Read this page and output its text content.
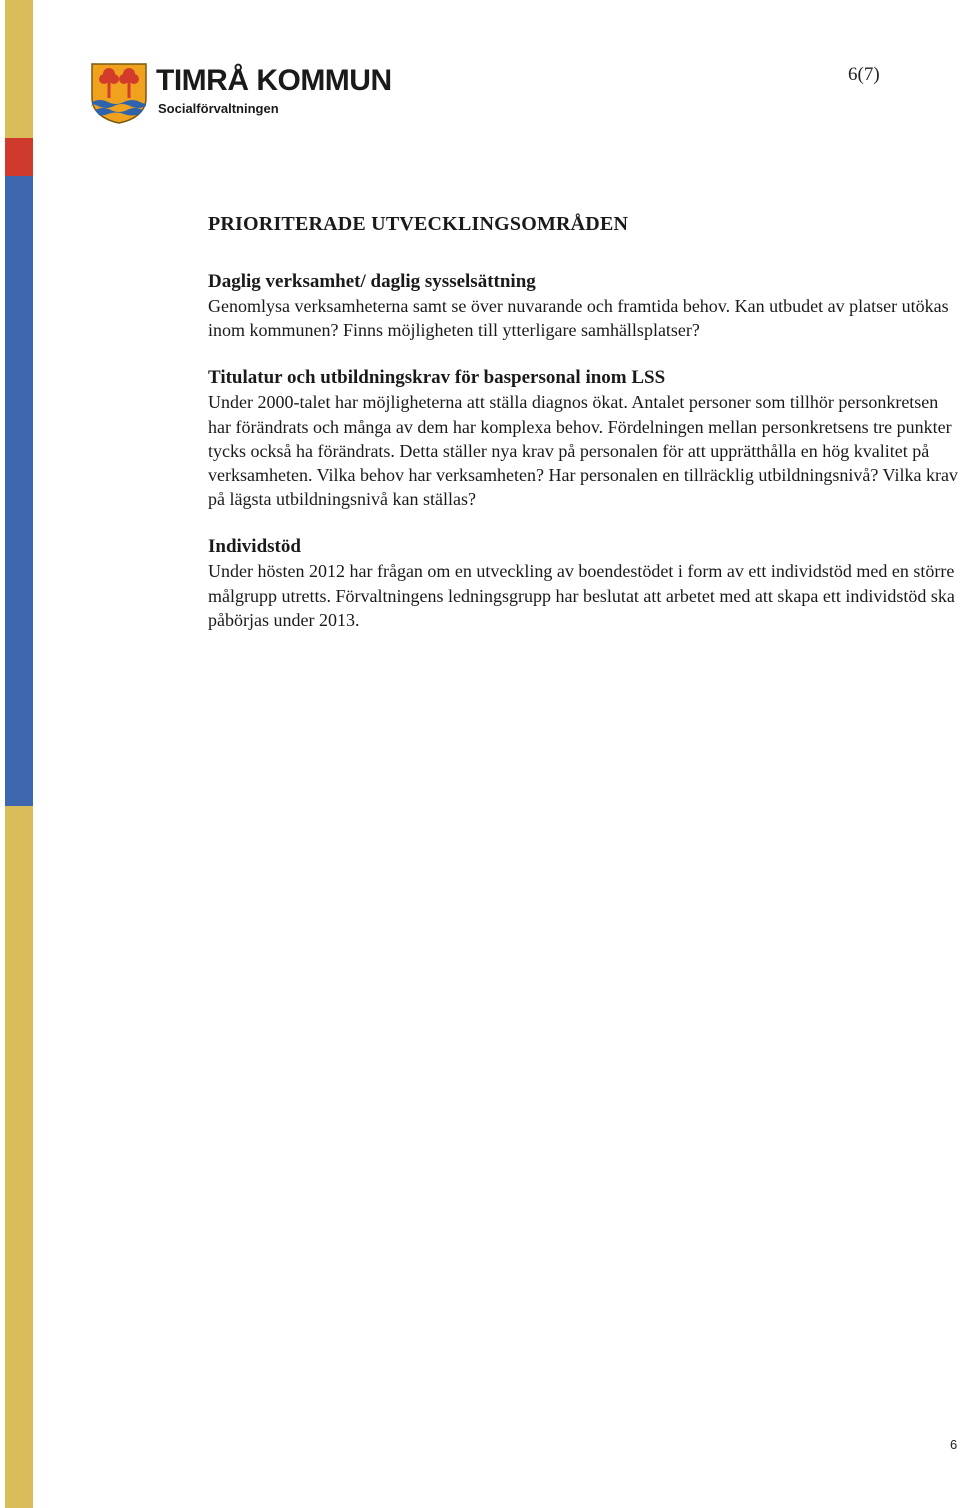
TIMRÅ KOMMUN
Socialförvaltningen
6(7)
PRIORITERADE UTVECKLINGSOMRÅDEN
Daglig verksamhet/ daglig sysselsättning

Genomlysa verksamheterna samt se över nuvarande och framtida behov. Kan utbudet av platser utökas inom kommunen? Finns möjligheten till ytterligare samhällsplatser?

Titulatur och utbildningskrav för baspersonal inom LSS

Under 2000-talet har möjligheterna att ställa diagnos ökat. Antalet personer som tillhör personkretsen har förändrats och många av dem har komplexa behov. Fördelningen mellan personkretsens tre punkter tycks också ha förändrats. Detta ställer nya krav på personalen för att upprätthålla en hög kvalitet på verksamheten. Vilka behov har verksamheten? Har personalen en tillräcklig utbildningsnivå? Vilka krav på lägsta utbildningsnivå kan ställas?

Individstöd

Under hösten 2012 har frågan om en utveckling av boendestödet i form av ett individstöd med en större målgrupp utretts. Förvaltningens ledningsgrupp har beslutat att arbetet med att skapa ett individstöd ska påbörjas under 2013.

6
